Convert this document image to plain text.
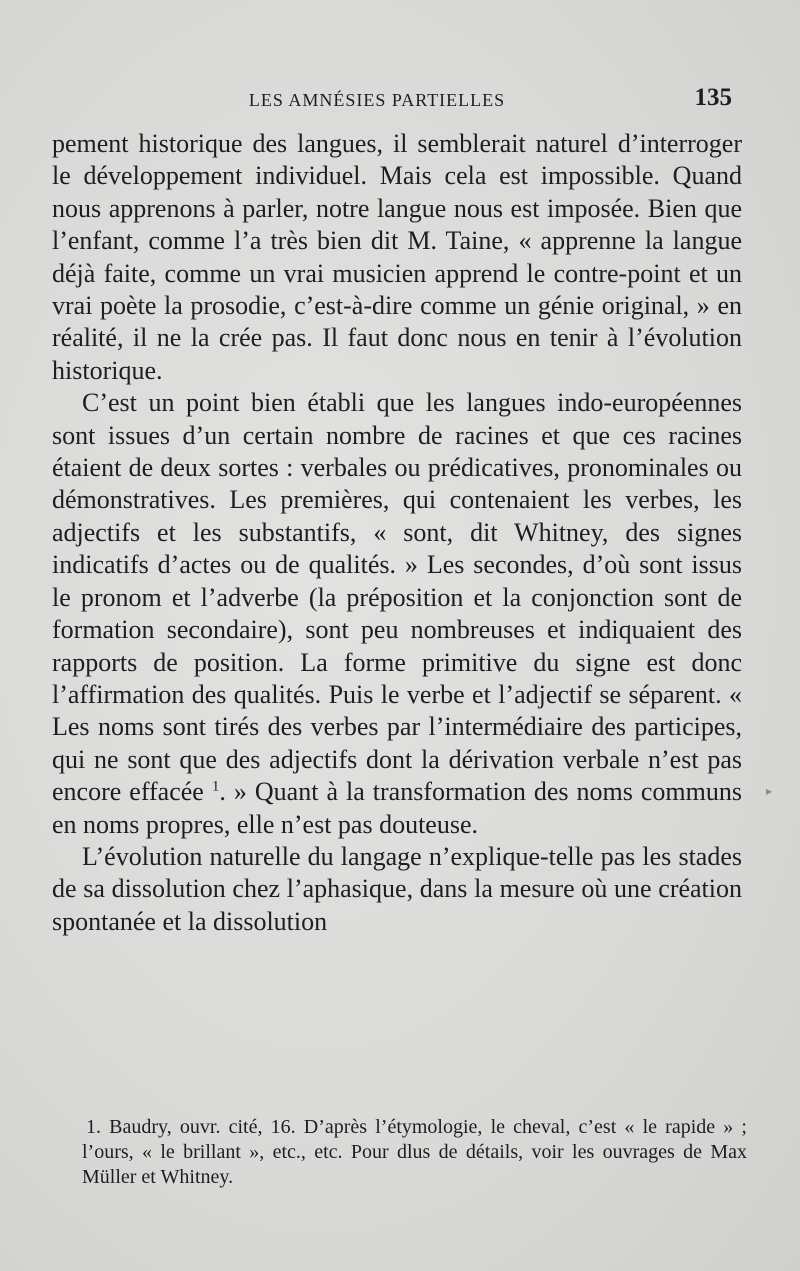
LES AMNÉSIES PARTIELLES	135

pement historique des langues, il semblerait naturel d’interroger le développement individuel. Mais cela est impossible. Quand nous apprenons à parler, notre langue nous est imposée. Bien que l’enfant, comme l’a très bien dit M. Taine, « apprenne la langue déjà faite, comme un vrai musicien apprend le contre-point et un vrai poète la prosodie, c’est-à-dire comme un génie original, » en réalité, il ne la crée pas. Il faut donc nous en tenir à l’évolution historique.

C’est un point bien établi que les langues indo-européennes sont issues d’un certain nombre de racines et que ces racines étaient de deux sortes : verbales ou prédicatives, pronominales ou démonstratives. Les premières, qui contenaient les verbes, les adjectifs et les substantifs, « sont, dit Whitney, des signes indicatifs d’actes ou de qualités. » Les secondes, d’où sont issus le pronom et l’adverbe (la préposition et la conjonction sont de formation secondaire), sont peu nombreuses et indiquaient des rapports de position. La forme primitive du signe est donc l’affirmation des qualités. Puis le verbe et l’adjectif se séparent. « Les noms sont tirés des verbes par l’intermédiaire des participes, qui ne sont que des adjectifs dont la dérivation verbale n’est pas encore effacée $^1$. » Quant à la transformation des noms communs en noms propres, elle n’est pas douteuse.

L’évolution naturelle du langage n’explique-telle pas les stades de sa dissolution chez l’aphasique, dans la mesure où une création spontanée et la dissolution

1. Baudry, ouvr. cité, 16. D’après l’étymologie, le cheval, c’est « le rapide » ; l’ours, « le brillant », etc., etc. Pour dlus de détails, voir les ouvrages de Max Müller et Whitney.

▸
